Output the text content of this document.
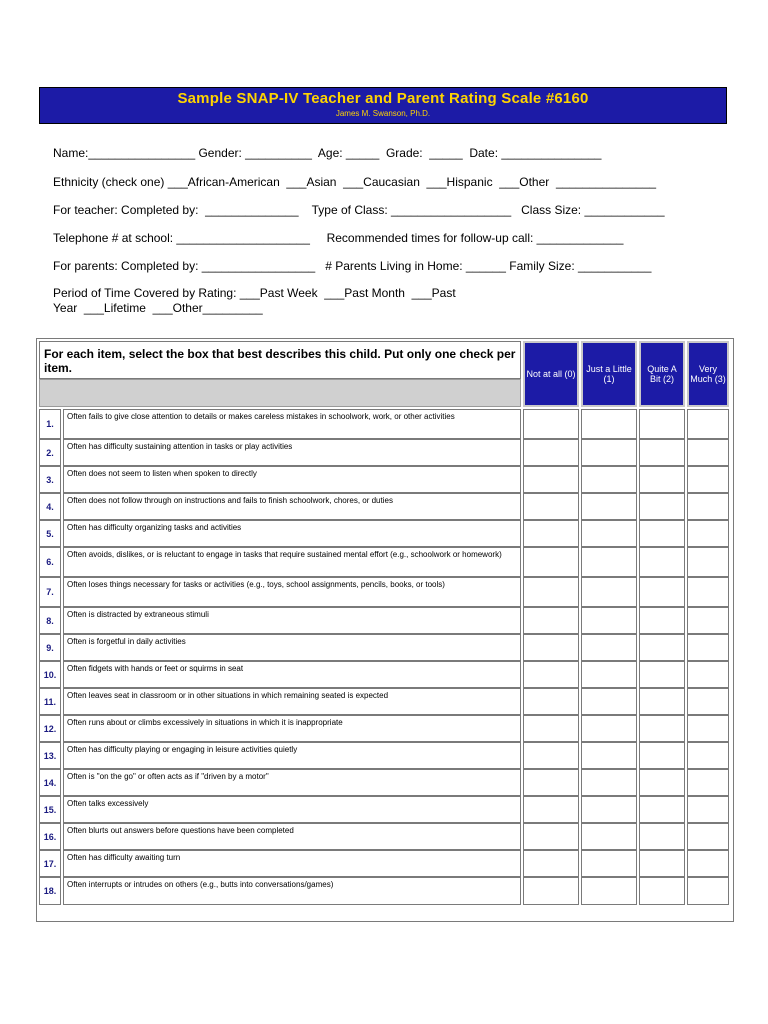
Sample SNAP-IV Teacher and Parent Rating Scale #6160
James M. Swanson, Ph.D.
Name:________________ Gender: __________  Age: _____  Grade:  _____  Date: _______________
Ethnicity (check one) ___African-American  ___Asian  ___Caucasian  ___Hispanic  ___Other  _______________
For teacher: Completed by:  ______________    Type of Class: __________________   Class Size: ____________
Telephone # at school: ____________________     Recommended times for follow-up call: _____________
For parents: Completed by: _________________   # Parents Living in Home: ______ Family Size: ___________
Period of Time Covered by Rating: ___Past Week  ___Past Month  ___Past
Year  ___Lifetime  ___Other_________
For each item, select the box that best describes this child. Put only one check per item.	Not at all (0)	Just a Little (1)
Quite A Bit (2)
Very Much (3)
1.
Often fails to give close attention to details or makes careless mistakes in schoolwork, work, or other activities
2.
Often has difficulty sustaining attention in tasks or play activities
3.
Often does not seem to listen when spoken to directly
4.
Often does not follow through on instructions and fails to finish schoolwork, chores, or duties
5.
Often has difficulty organizing tasks and activities
6.
Often avoids, dislikes, or is reluctant to engage in tasks that require sustained mental effort (e.g., schoolwork or homework)
7.
Often loses things necessary for tasks or activities (e.g., toys, school assignments, pencils, books, or tools)
8.
Often is distracted by extraneous stimuli
9.
Often is forgetful in daily activities
10.
Often fidgets with hands or feet or squirms in seat
11.
Often leaves seat in classroom or in other situations in which remaining seated is expected
12.
Often runs about or climbs excessively in situations in which it is inappropriate
13.
Often has difficulty playing or engaging in leisure activities quietly
14.
Often is "on the go" or often acts as if "driven by a motor"
15.
Often talks excessively
16.
Often blurts out answers before questions have been completed
17.
Often has difficulty awaiting turn
18.
Often interrupts or intrudes on others (e.g., butts into conversations/games)
